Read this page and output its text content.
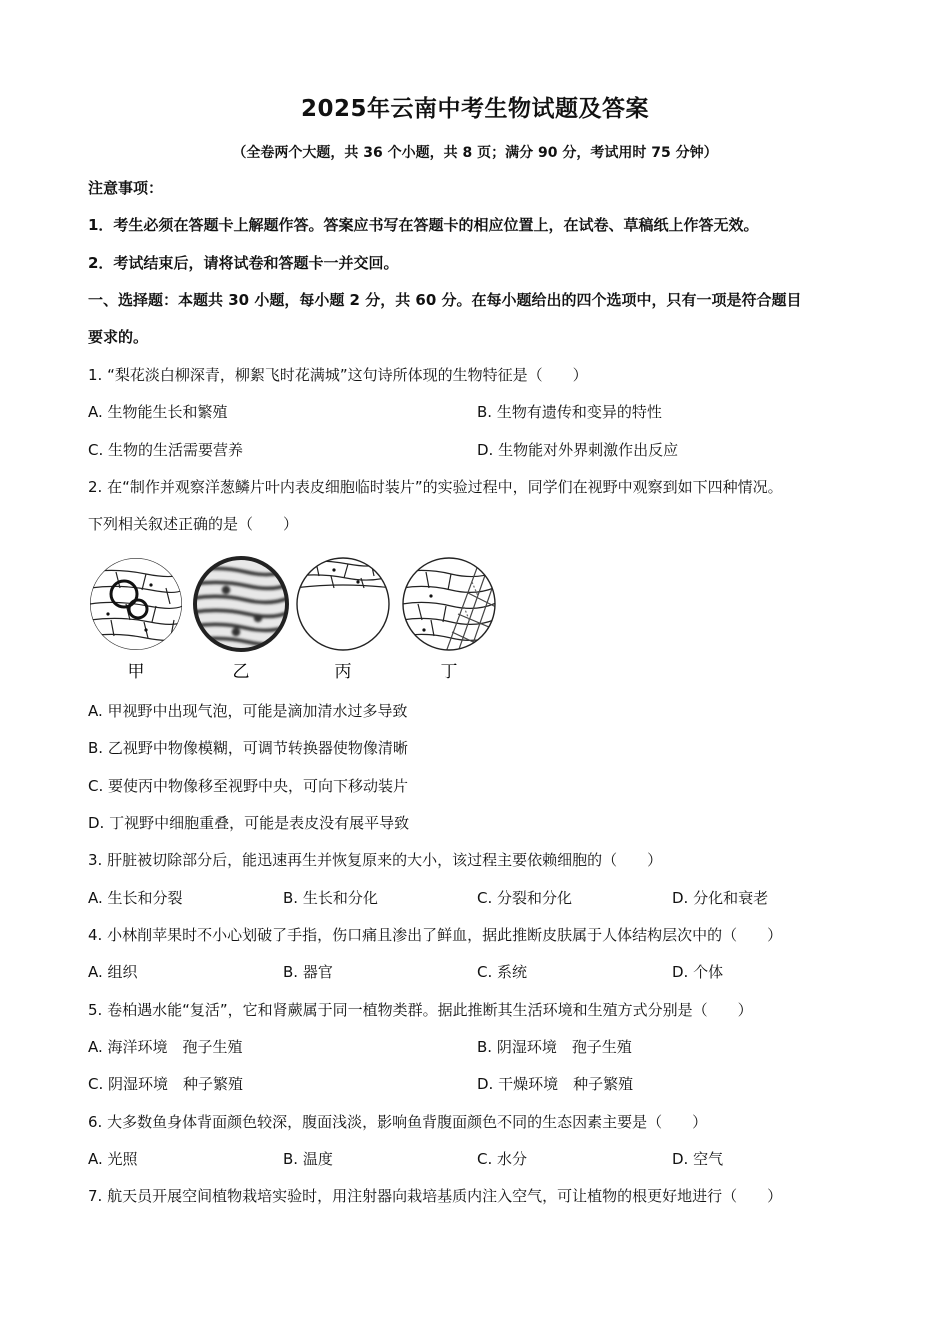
2025年云南中考生物试题及答案
（全卷两个大题，共 36 个小题，共 8 页；满分 90 分，考试用时 75 分钟）
注意事项：
1．考生必须在答题卡上解题作答。答案应书写在答题卡的相应位置上，在试卷、草稿纸上作答无效。
2．考试结束后，请将试卷和答题卡一并交回。
一、选择题：本题共 30 小题，每小题 2 分，共 60 分。在每小题给出的四个选项中，只有一项是符合题目
要求的。
1. “梨花淡白柳深青，柳絮飞时花满城”这句诗所体现的生物特征是（　　）
A. 生物能生长和繁殖	B. 生物有遗传和变异的特性
C. 生物的生活需要营养	D. 生物能对外界刺激作出反应
2. 在“制作并观察洋葱鳞片叶内表皮细胞临时装片”的实验过程中，同学们在视野中观察到如下四种情况。
下列相关叙述正确的是（　　）
甲	乙	丙	丁
A. 甲视野中出现气泡，可能是滴加清水过多导致
B. 乙视野中物像模糊，可调节转换器使物像清晰
C. 要使丙中物像移至视野中央，可向下移动装片
D. 丁视野中细胞重叠，可能是表皮没有展平导致
3. 肝脏被切除部分后，能迅速再生并恢复原来的大小，该过程主要依赖细胞的（　　）
A. 生长和分裂	B. 生长和分化	C. 分裂和分化	D. 分化和衰老
4. 小林削苹果时不小心划破了手指，伤口痛且渗出了鲜血，据此推断皮肤属于人体结构层次中的（　　）
A. 组织	B. 器官	C. 系统	D. 个体
5. 卷柏遇水能“复活”，它和肾蕨属于同一植物类群。据此推断其生活环境和生殖方式分别是（　　）
A. 海洋环境　孢子生殖	B. 阴湿环境　孢子生殖
C. 阴湿环境　种子繁殖	D. 干燥环境　种子繁殖
6. 大多数鱼身体背面颜色较深，腹面浅淡，影响鱼背腹面颜色不同的生态因素主要是（　　）
A. 光照	B. 温度	C. 水分	D. 空气
7. 航天员开展空间植物栽培实验时，用注射器向栽培基质内注入空气，可让植物的根更好地进行（　　）
